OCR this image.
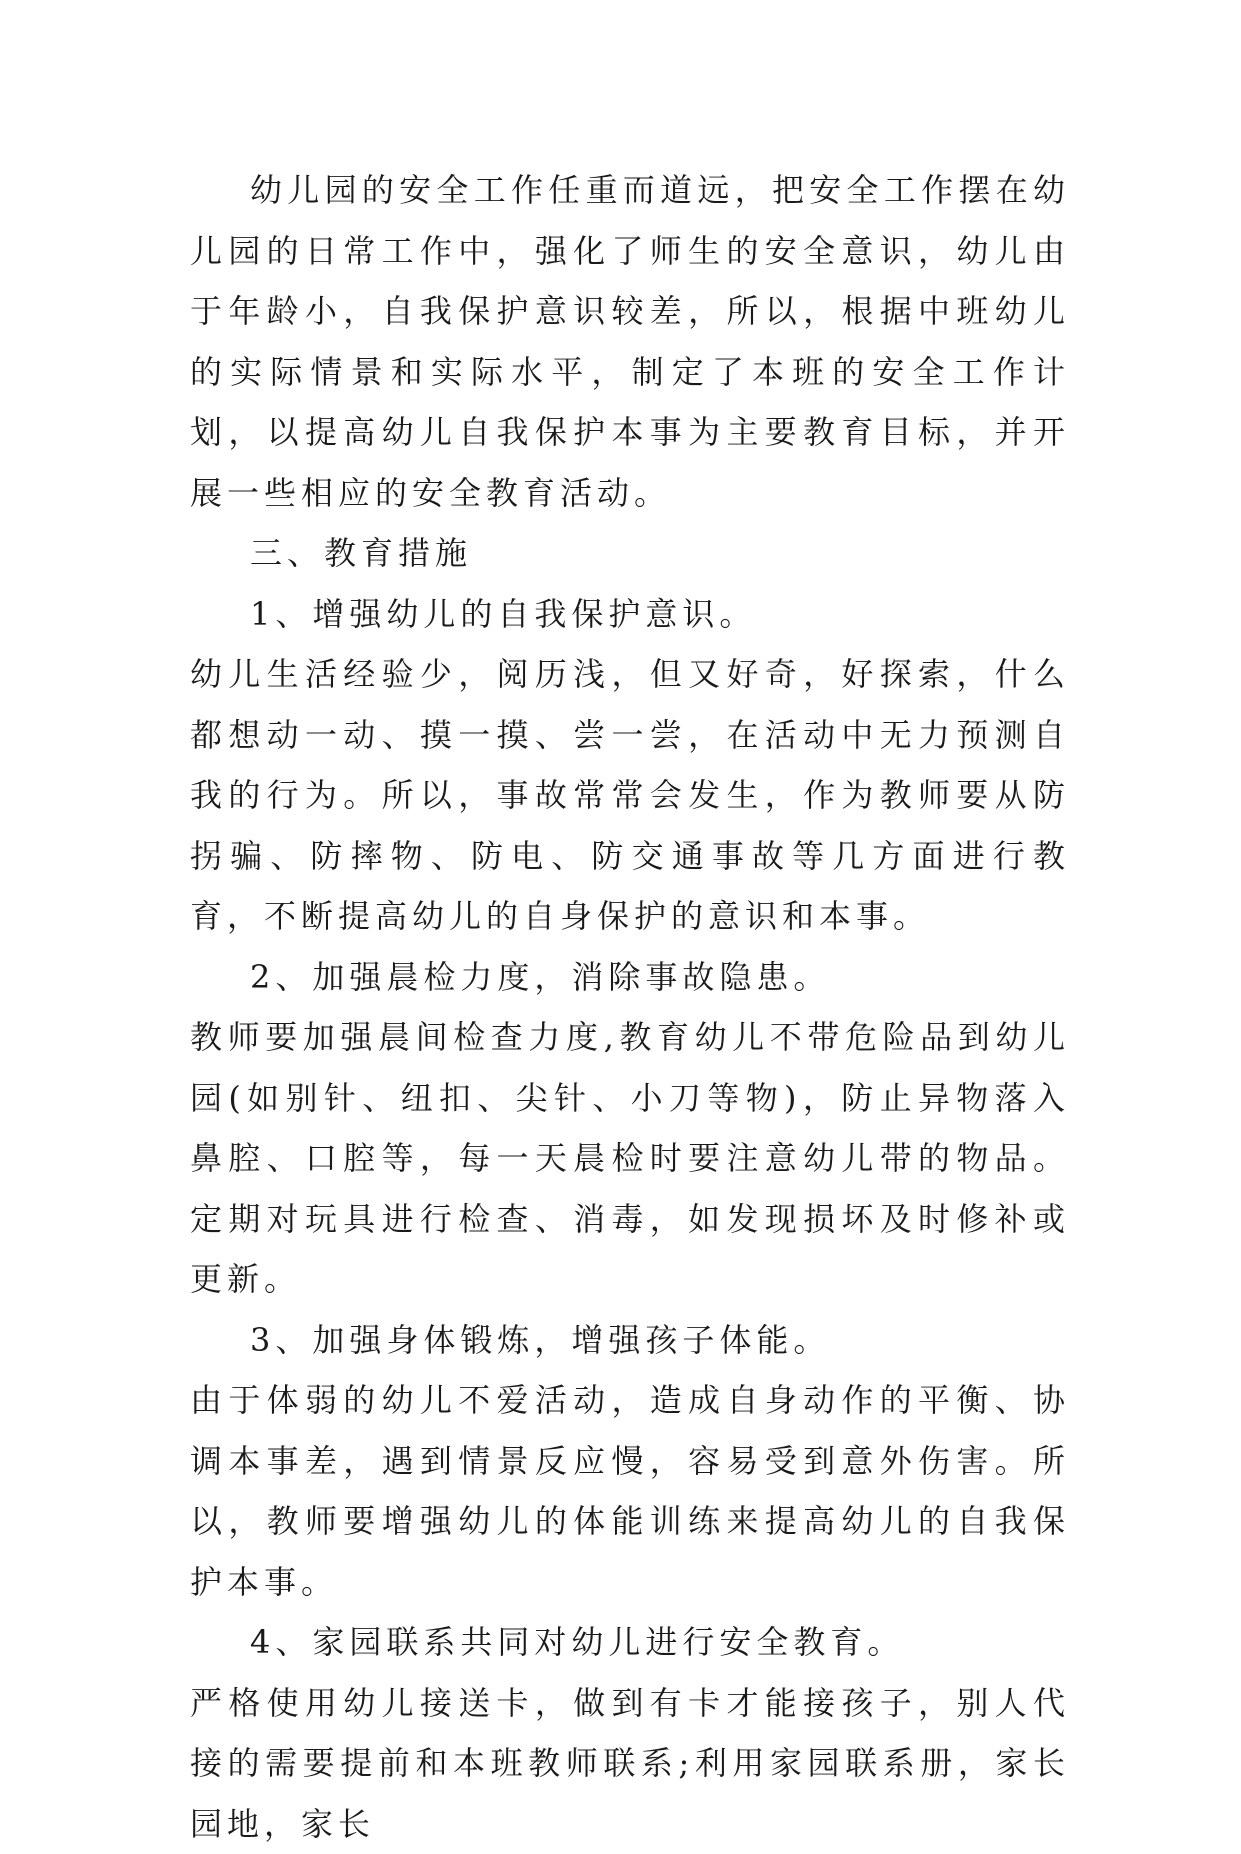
幼儿园的安全工作任重而道远，把安全工作摆在幼儿园的日常工作中，强化了师生的安全意识，幼儿由于年龄小，自我保护意识较差，所以，根据中班幼儿的实际情景和实际水平，制定了本班的安全工作计划，以提高幼儿自我保护本事为主要教育目标，并开展一些相应的安全教育活动。

三、教育措施

1、增强幼儿的自我保护意识。

幼儿生活经验少，阅历浅，但又好奇，好探索，什么都想动一动、摸一摸、尝一尝，在活动中无力预测自我的行为。所以，事故常常会发生，作为教师要从防拐骗、防摔物、防电、防交通事故等几方面进行教育，不断提高幼儿的自身保护的意识和本事。

2、加强晨检力度，消除事故隐患。

教师要加强晨间检查力度,教育幼儿不带危险品到幼儿园(如别针、纽扣、尖针、小刀等物)，防止异物落入鼻腔、口腔等，每一天晨检时要注意幼儿带的物品。定期对玩具进行检查、消毒，如发现损坏及时修补或更新。

3、加强身体锻炼，增强孩子体能。

由于体弱的幼儿不爱活动，造成自身动作的平衡、协调本事差，遇到情景反应慢，容易受到意外伤害。所以，教师要增强幼儿的体能训练来提高幼儿的自我保护本事。

4、家园联系共同对幼儿进行安全教育。

严格使用幼儿接送卡，做到有卡才能接孩子，别人代接的需要提前和本班教师联系;利用家园联系册，家长园地，家长
